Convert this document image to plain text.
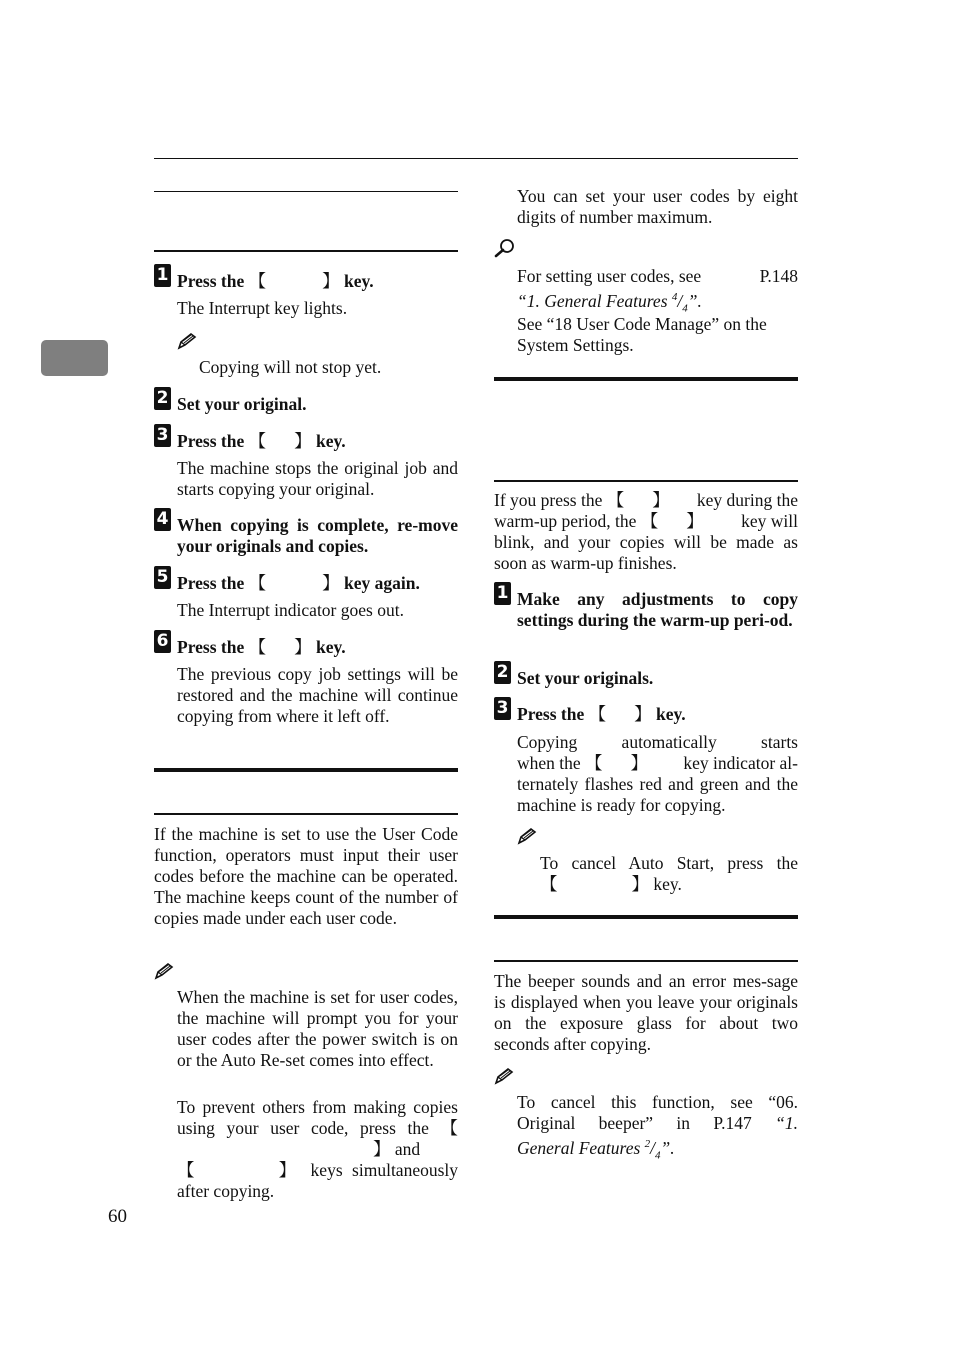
1 Press the 【	】 key.
The Interrupt key lights.
Copying will not stop yet.
2 Set your original.
3 Press the 【 】 key.
The machine stops the original job and starts copying your original.
4 When copying is complete, re-move your originals and copies.
5 Press the 【	】 key again.
The Interrupt indicator goes out.
6 Press the 【 】 key.
The previous copy job settings will be restored and the machine will continue copying from where it left off.
If the machine is set to use the User Code function, operators must input their user codes before the machine can be operated. The machine keeps count of the number of copies made under each user code.
When the machine is set for user codes, the machine will prompt you for your user codes after the power switch is on or the Auto Re-set comes into effect.
To prevent others from making copies using your user code, press the 【】 and
【	】 keys simultaneously after copying.
60
You can set your user codes by eight digits of number maximum.
For setting user codes, see	P.148
“1. General Features $^4/_4$”.
See “18 User Code Manage” on the System Settings.
If you press the 【 】 key during the
warm-up period, the 【 】 key will
blink, and your copies will be made as soon as warm-up finishes.
1 Make any adjustments to copy settings during the warm-up peri-od.
2 Set your originals.
3 Press the 【 】 key.
Copying automatically starts
when the 【 】 key indicator al-
ternately flashes red and green and the machine is ready for copying.
To cancel Auto Start, press the
【	】 key.
The beeper sounds and an error mes-sage is displayed when you leave your originals on the exposure glass for about two seconds after copying.
To cancel this function, see “06. Original beeper” in P.147 “1.
General Features $^2/_4$”.
